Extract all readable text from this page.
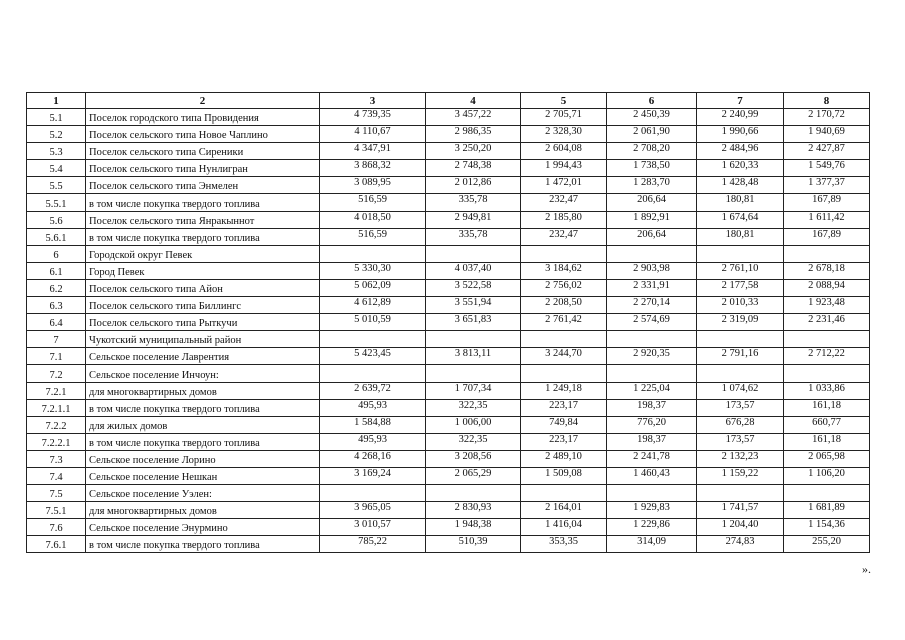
1	2	3	4	5	6	7	8
5.1	Поселок городского типа Провидения	4 739,35	3 457,22	2 705,71	2 450,39	2 240,99	2 170,72
5.2	Поселок сельского типа Новое Чаплино	4 110,67	2 986,35	2 328,30	2 061,90	1 990,66	1 940,69
5.3	Поселок сельского типа Сиреники	4 347,91	3 250,20	2 604,08	2 708,20	2 484,96	2 427,87
5.4	Поселок сельского типа Нунлигран	3 868,32	2 748,38	1 994,43	1 738,50	1 620,33	1 549,76
5.5	Поселок сельского типа Энмелен	3 089,95	2 012,86	1 472,01	1 283,70	1 428,48	1 377,37
5.5.1	в том числе покупка твердого топлива	516,59	335,78	232,47	206,64	180,81	167,89
5.6	Поселок сельского типа Янракыннот	4 018,50	2 949,81	2 185,80	1 892,91	1 674,64	1 611,42
5.6.1	в том числе покупка твердого топлива	516,59	335,78	232,47	206,64	180,81	167,89
6	Городской округ Певек						
6.1	Город Певек	5 330,30	4 037,40	3 184,62	2 903,98	2 761,10	2 678,18
6.2	Поселок сельского типа Айон	5 062,09	3 522,58	2 756,02	2 331,91	2 177,58	2 088,94
6.3	Поселок сельского типа Биллингс	4 612,89	3 551,94	2 208,50	2 270,14	2 010,33	1 923,48
6.4	Поселок сельского типа Рыткучи	5 010,59	3 651,83	2 761,42	2 574,69	2 319,09	2 231,46
7	Чукотский муниципальный район						
7.1	Сельское поселение Лаврентия	5 423,45	3 813,11	3 244,70	2 920,35	2 791,16	2 712,22
7.2	Сельское поселение Инчоун:						
7.2.1	для многоквартирных домов	2 639,72	1 707,34	1 249,18	1 225,04	1 074,62	1 033,86
7.2.1.1	в том числе покупка твердого топлива	495,93	322,35	223,17	198,37	173,57	161,18
7.2.2	для жилых домов	1 584,88	1 006,00	749,84	776,20	676,28	660,77
7.2.2.1	в том числе покупка твердого топлива	495,93	322,35	223,17	198,37	173,57	161,18
7.3	Сельское поселение Лорино	4 268,16	3 208,56	2 489,10	2 241,78	2 132,23	2 065,98
7.4	Сельское поселение Нешкан	3 169,24	2 065,29	1 509,08	1 460,43	1 159,22	1 106,20
7.5	Сельское поселение Уэлен:						
7.5.1	для многоквартирных домов	3 965,05	2 830,93	2 164,01	1 929,83	1 741,57	1 681,89
7.6	Сельское поселение Энурмино	3 010,57	1 948,38	1 416,04	1 229,86	1 204,40	1 154,36
7.6.1	в том числе покупка твердого топлива	785,22	510,39	353,35	314,09	274,83	255,20
».
